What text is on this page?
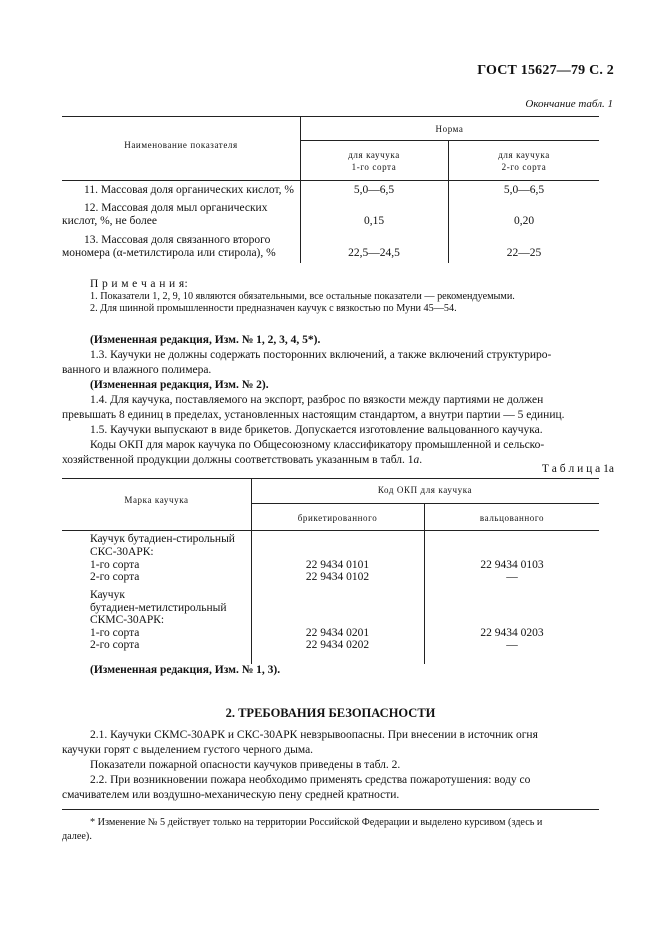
ГОСТ 15627—79 С. 2
Окончание табл. 1
Наименование показателя
Норма
для каучука
1-го сорта
для каучука
2-го сорта
11. Массовая доля органических кислот, %	5,0—6,5	5,0—6,5
12. Массовая доля мыл органических
кислот, %, не более	0,15	0,20
13. Массовая доля связанного второго
мономера (α-метилстирола или стирола), %	22,5—24,5	22—25
П р и м е ч а н и я:
1. Показатели 1, 2, 9, 10 являются обязательными, все остальные показатели — рекомендуемыми.
2. Для шинной промышленности предназначен каучук с вязкостью по Муни 45—54.
(Измененная редакция, Изм. № 1, 2, 3, 4, 5*).
1.3. Каучуки не должны содержать посторонних включений, а также включений структуриро-
ванного и влажного полимера.
(Измененная редакция, Изм. № 2).
1.4. Для каучука, поставляемого на экспорт, разброс по вязкости между партиями не должен
превышать 8 единиц в пределах, установленных настоящим стандартом, а внутри партии — 5 единиц.
1.5. Каучуки выпускают в виде брикетов. Допускается изготовление вальцованного каучука.
Коды ОКП для марок каучука по Общесоюзному классификатору промышленной и сельско-
хозяйственной продукции должны соответствовать указанным в табл. 1а.
Т а б л и ц а 1а
Марка каучука
Код ОКП для каучука
брикетированного	вальцованного
Каучук бутадиен-стирольный
СКС-30АРК:
1-го сорта	22 9434 0101	22 9434 0103
2-го сорта	22 9434 0102	—
Каучук
бутадиен-метилстирольный
СКМС-30АРК:
1-го сорта	22 9434 0201	22 9434 0203
2-го сорта	22 9434 0202	—
(Измененная редакция, Изм. № 1, 3).
2. ТРЕБОВАНИЯ БЕЗОПАСНОСТИ
2.1. Каучуки СКМС-30АРК и СКС-30АРК невзрывоопасны. При внесении в источник огня
каучуки горят с выделением густого черного дыма.
Показатели пожарной опасности каучуков приведены в табл. 2.
2.2. При возникновении пожара необходимо применять средства пожаротушения: воду со
смачивателем или воздушно-механическую пену средней кратности.
* Изменение № 5 действует только на территории Российской Федерации и выделено курсивом (здесь и
далее).
